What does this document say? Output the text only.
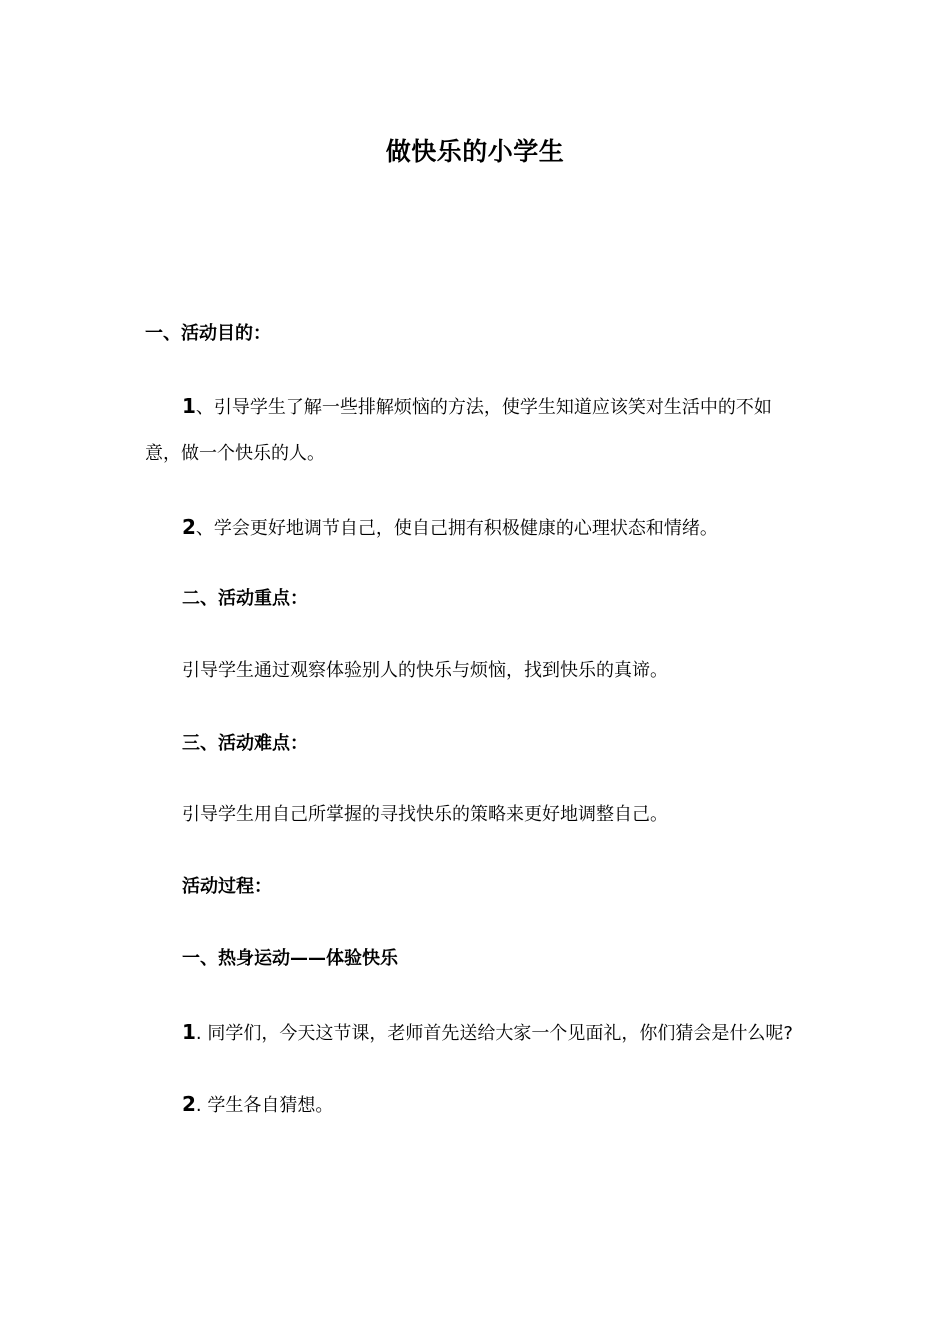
做快乐的小学生
一、活动目的：
1、引导学生了解一些排解烦恼的方法，使学生知道应该笑对生活中的不如
意，做一个快乐的人。
2、学会更好地调节自己，使自己拥有积极健康的心理状态和情绪。
二、活动重点：
引导学生通过观察体验别人的快乐与烦恼，找到快乐的真谛。
三、活动难点：
引导学生用自己所掌握的寻找快乐的策略来更好地调整自己。
活动过程：
一、热身运动——体验快乐
1. 同学们，今天这节课，老师首先送给大家一个见面礼，你们猜会是什么呢?
2. 学生各自猜想。
